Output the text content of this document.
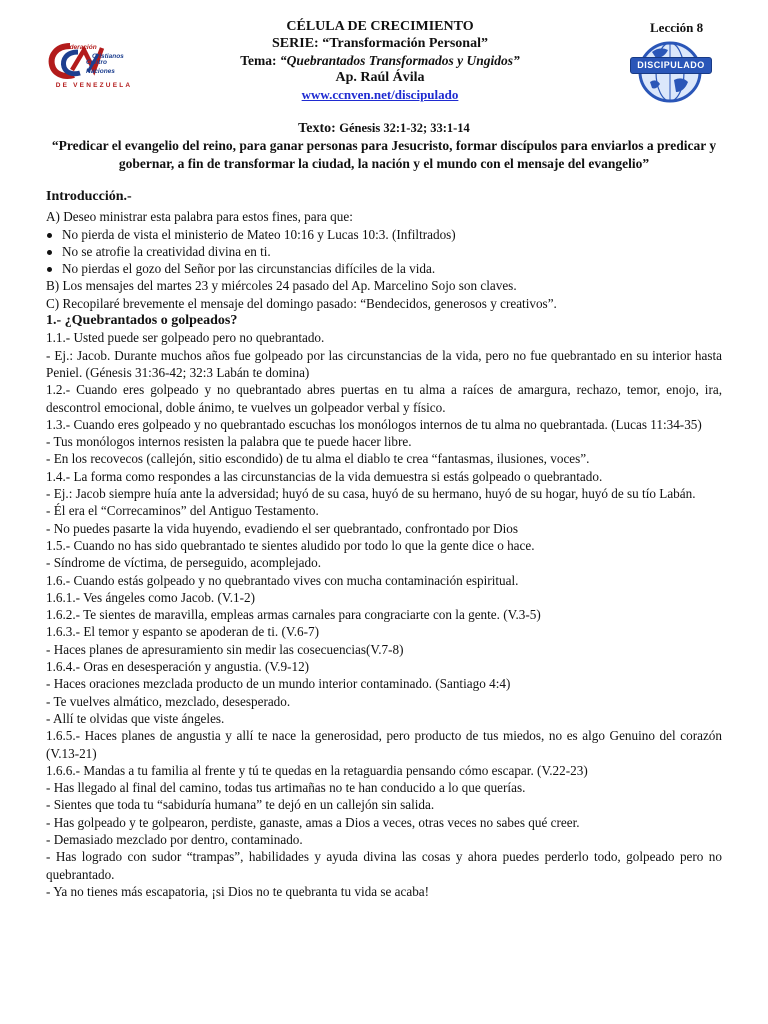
Federación
Centro
Cristianos
Naciones
DE VENEZUELA
CÉLULA DE CRECIMIENTO
SERIE: “Transformación Personal”
Tema: “Quebrantados Transformados y Ungidos”
Ap. Raúl Ávila
www.ccnven.net/discipulado
Lección 8
DISCIPULADO
Texto: Génesis 32:1-32; 33:1-14
“Predicar el evangelio del reino, para ganar personas para Jesucristo, formar discípulos para enviarlos a predicar y gobernar, a fin de transformar la ciudad, la nación y el mundo con el mensaje del evangelio”
Introducción.-
A) Deseo ministrar esta palabra para estos fines, para que:
No pierda de vista el ministerio de Mateo 10:16 y Lucas 10:3. (Infiltrados)
No se atrofie la creatividad divina en ti.
No pierdas el gozo del Señor por las circunstancias difíciles de la vida.
B) Los mensajes del martes 23 y miércoles 24 pasado del Ap. Marcelino Sojo son claves.
C) Recopilaré brevemente el mensaje del domingo pasado: “Bendecidos, generosos y creativos”.
1.- ¿Quebrantados o golpeados?
1.1.- Usted puede ser golpeado pero no quebrantado.
- Ej.: Jacob. Durante muchos años fue golpeado por las circunstancias de la vida, pero no fue quebrantado en su interior hasta Peniel. (Génesis 31:36-42; 32:3 Labán te domina)
1.2.- Cuando eres golpeado y no quebrantado abres puertas en tu alma a raíces de amargura, rechazo, temor, enojo, ira, descontrol emocional, doble ánimo, te vuelves un golpeador verbal y físico.
1.3.- Cuando eres golpeado y no quebrantado escuchas los monólogos internos de tu alma no quebrantada. (Lucas 11:34-35)
- Tus monólogos internos resisten la palabra que te puede hacer libre.
- En los recovecos (callejón, sitio escondido) de tu alma el diablo te crea “fantasmas, ilusiones, voces”.
1.4.- La forma como respondes a las circunstancias de la vida demuestra si estás golpeado o quebrantado.
- Ej.: Jacob siempre huía ante la adversidad; huyó de su casa, huyó de su hermano, huyó de su hogar, huyó de su tío Labán.
- Él era el “Correcaminos” del Antiguo Testamento.
- No puedes pasarte la vida huyendo, evadiendo el ser quebrantado, confrontado por Dios
1.5.- Cuando no has sido quebrantado te sientes aludido por todo lo que la gente dice o hace.
- Síndrome de víctima, de perseguido, acomplejado.
1.6.- Cuando estás golpeado y no quebrantado vives con mucha contaminación espiritual.
1.6.1.- Ves ángeles como Jacob. (V.1-2)
1.6.2.- Te sientes de maravilla, empleas armas carnales para congraciarte con la gente. (V.3-5)
1.6.3.- El temor y espanto se apoderan de ti. (V.6-7)
- Haces planes de apresuramiento sin medir las cosecuencias(V.7-8)
1.6.4.- Oras en desesperación y angustia. (V.9-12)
- Haces oraciones mezclada producto de un mundo interior contaminado. (Santiago 4:4)
- Te vuelves almático, mezclado, desesperado.
- Allí te olvidas que viste ángeles.
1.6.5.- Haces planes de angustia y allí te nace la generosidad, pero producto de tus miedos, no es algo Genuino del corazón (V.13-21)
1.6.6.- Mandas a tu familia al frente y tú te quedas en la retaguardia pensando cómo escapar. (V.22-23)
- Has llegado al final del camino, todas tus artimañas no te han conducido a lo que querías.
- Sientes que toda tu “sabiduría humana” te dejó en un callejón sin salida.
- Has golpeado y te golpearon, perdiste, ganaste, amas a Dios a veces, otras veces no sabes qué creer.
- Demasiado mezclado por dentro, contaminado.
- Has logrado con sudor “trampas”, habilidades y ayuda divina las cosas y ahora puedes perderlo todo, golpeado pero no quebrantado.
- Ya no tienes más escapatoria, ¡si Dios no te quebranta tu vida se acaba!
